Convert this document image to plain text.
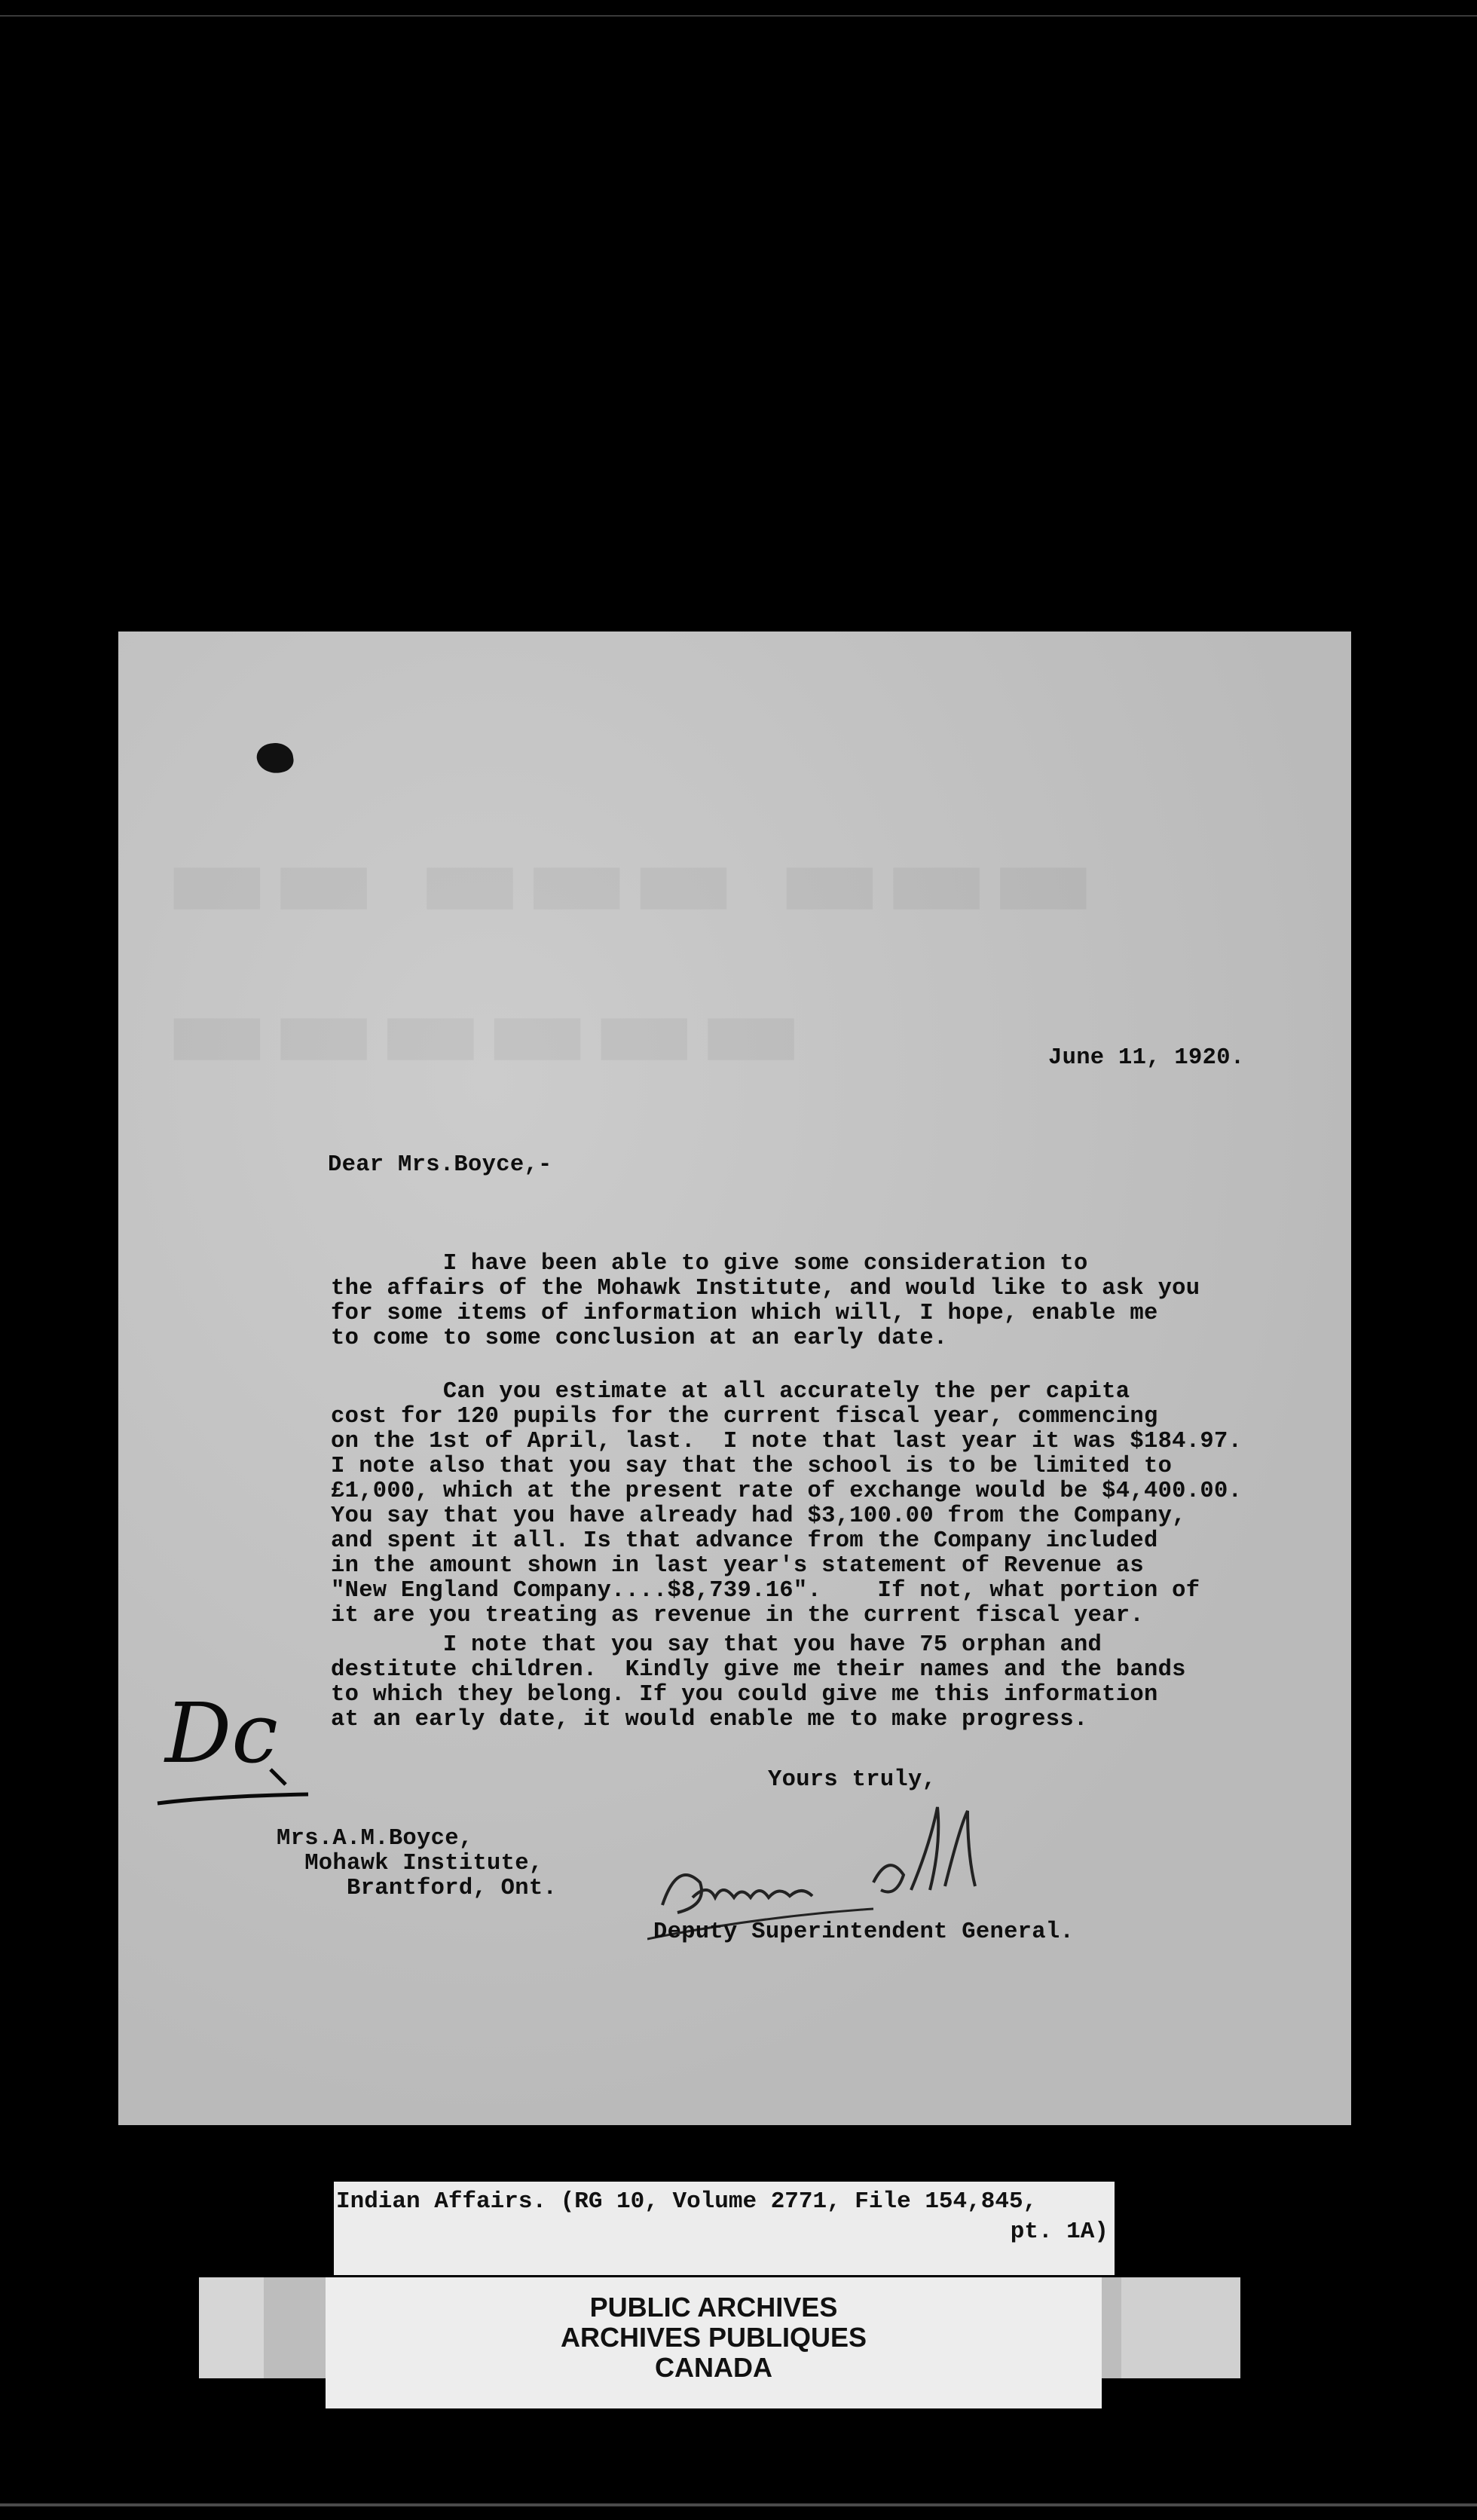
June 11, 1920.
Dear Mrs.Boyce,-

I have been able to give some consideration to
the affairs of the Mohawk Institute, and would like to ask you
for some items of information which will, I hope, enable me
to come to some conclusion at an early date.

Can you estimate at all accurately the per capita
cost for 120 pupils for the current fiscal year, commencing
on the 1st of April, last.  I note that last year it was $184.97.
I note also that you say that the school is to be limited to
£1,000, which at the present rate of exchange would be $4,400.00.
You say that you have already had $3,100.00 from the Company,
and spent it all. Is that advance from the Company included
in the amount shown in last year's statement of Revenue as
"New England Company....$8,739.16".    If not, what portion of
it are you treating as revenue in the current fiscal year.

I note that you say that you have 75 orphan and
destitute children.  Kindly give me their names and the bands
to which they belong. If you could give me this information
at an early date, it would enable me to make progress.
Yours truly,

Mrs.A.M.Boyce,
Mohawk Institute,
Brantford, Ont.
Dc
Deputy Superintendent General.
Indian Affairs. (RG 10, Volume 2771, File 154,845,
pt. 1A)
PUBLIC ARCHIVES
ARCHIVES PUBLIQUES
CANADA
